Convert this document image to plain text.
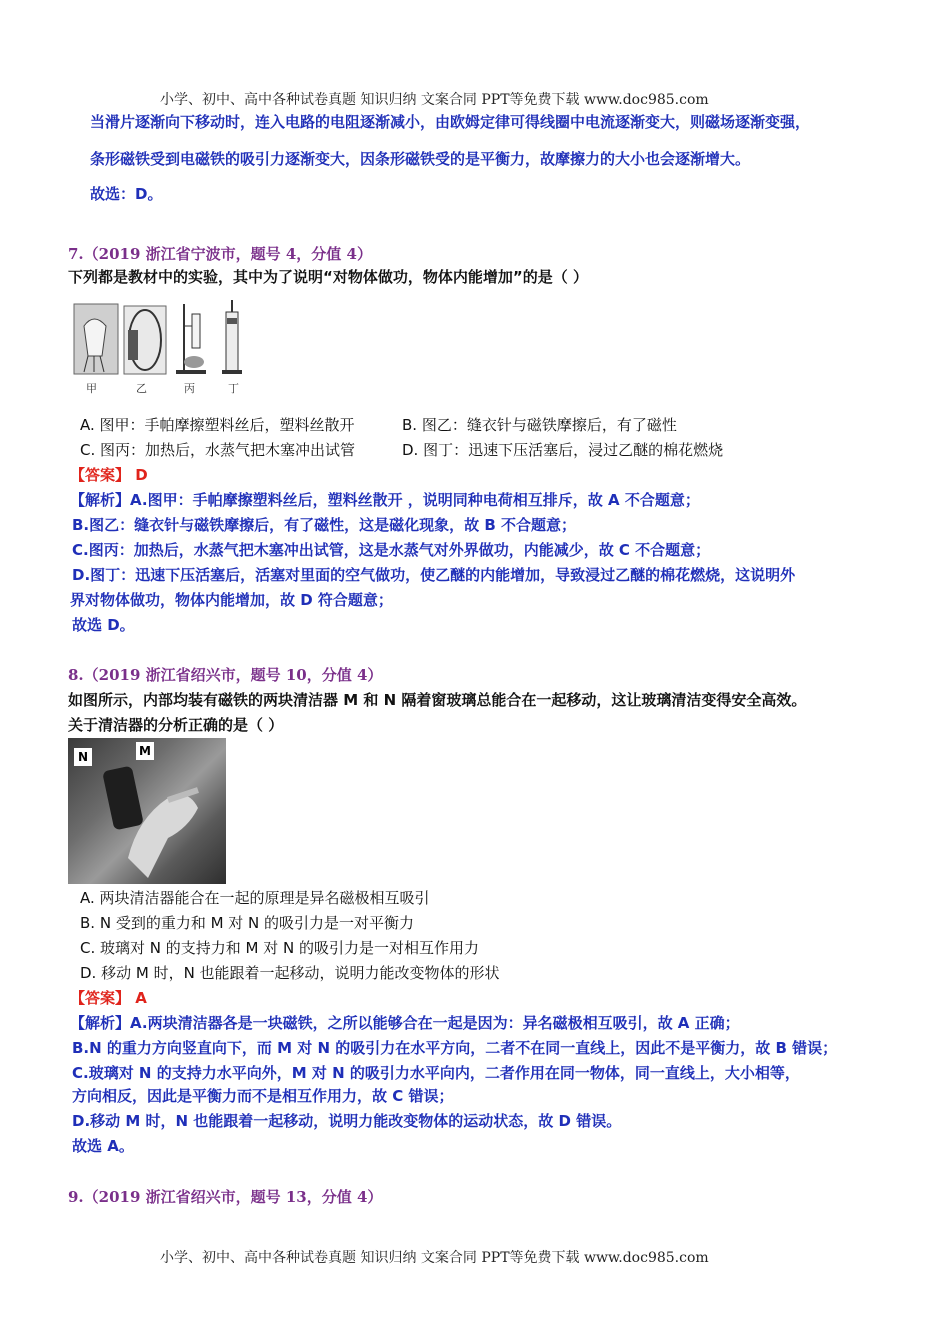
小学、初中、高中各种试卷真题 知识归纳 文案合同 PPT等免费下载 www.doc985.com
当滑片逐渐向下移动时，连入电路的电阻逐渐减小，由欧姆定律可得线圈中电流逐渐变大，则磁场逐渐变强，
条形磁铁受到电磁铁的吸引力逐渐变大，因条形磁铁受的是平衡力，故摩擦力的大小也会逐渐增大。
故选：D。
7.（2019 浙江省宁波市，题号 4，分值 4）
下列都是教材中的实验，其中为了说明“对物体做功，物体内能增加”的是（ ）
甲	乙	丙	丁
A. 图甲：手帕摩擦塑料丝后，塑料丝散开	B. 图乙：缝衣针与磁铁摩擦后，有了磁性
C. 图丙：加热后，水蒸气把木塞冲出试管	D. 图丁：迅速下压活塞后，浸过乙醚的棉花燃烧
【答案】 D
【解析】A.图甲：手帕摩擦塑料丝后，塑料丝散开 ，说明同种电荷相互排斥，故 A 不合题意；
B.图乙：缝衣针与磁铁摩擦后，有了磁性，这是磁化现象，故 B 不合题意；
C.图丙：加热后，水蒸气把木塞冲出试管，这是水蒸气对外界做功，内能减少，故 C 不合题意；
D.图丁：迅速下压活塞后，活塞对里面的空气做功，使乙醚的内能增加，导致浸过乙醚的棉花燃烧，这说明外
界对物体做功，物体内能增加，故 D 符合题意；
故选 D。
8.（2019 浙江省绍兴市，题号 10，分值 4）
如图所示，内部均装有磁铁的两块清洁器 M 和 N 隔着窗玻璃总能合在一起移动，这让玻璃清洁变得安全高效。
关于清洁器的分析正确的是（ ）
N	M
A. 两块清洁器能合在一起的原理是异名磁极相互吸引
B. N 受到的重力和 M 对 N 的吸引力是一对平衡力
C. 玻璃对 N 的支持力和 M 对 N 的吸引力是一对相互作用力
D. 移动 M 时，N 也能跟着一起移动，说明力能改变物体的形状
【答案】 A
【解析】A.两块清洁器各是一块磁铁，之所以能够合在一起是因为：异名磁极相互吸引，故 A 正确；
B.N 的重力方向竖直向下，而 M 对 N 的吸引力在水平方向，二者不在同一直线上，因此不是平衡力，故 B 错误；
C.玻璃对 N 的支持力水平向外，M 对 N 的吸引力水平向内，二者作用在同一物体，同一直线上，大小相等，
方向相反，因此是平衡力而不是相互作用力，故 C 错误；
D.移动 M 时，N 也能跟着一起移动，说明力能改变物体的运动状态，故 D 错误。
故选 A。
9.（2019 浙江省绍兴市，题号 13，分值 4）
小学、初中、高中各种试卷真题 知识归纳 文案合同 PPT等免费下载 www.doc985.com
